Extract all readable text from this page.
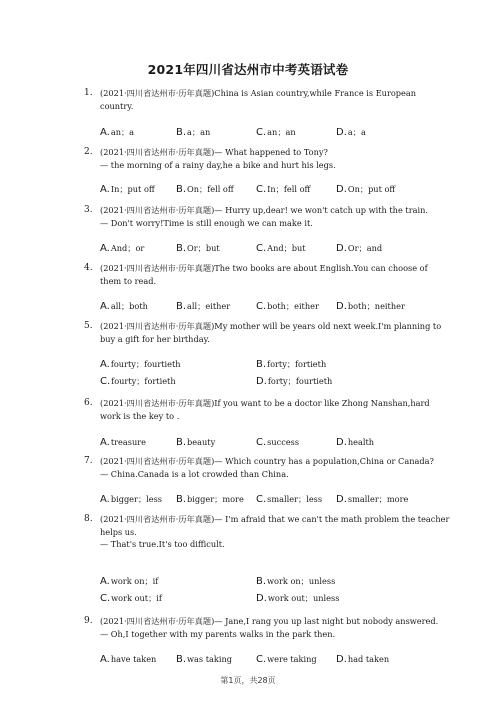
2021年四川省达州市中考英语试卷
1. (2021·四川省达州市·历年真题)China is Asian country,while France is European
country.
A.an；a	B.a；an	C.an；an	D.a；a
2. (2021·四川省达州市·历年真题)— What happened to Tony?
— the morning of a rainy day,he a bike and hurt his legs.
A.In；put off B.On；fell off C.In；fell off	D.On；put off
3. (2021·四川省达州市·历年真题)— Hurry up,dear! we won't catch up with the train.
— Don't worry!Time is still enough we can make it.
A.And；or	B.Or；but	C.And；but	D.Or；and
4. (2021·四川省达州市·历年真题)The two books are about English.You can choose of
them to read.
A.all；both	B.all；either	C.both；either D.both；neither
5. (2021·四川省达州市·历年真题)My mother will be years old next week.I'm planning to
buy a gift for her birthday.
A.fourty；fourtieth	B.forty；fortieth
C.fourty；fortieth	D.forty；fourtieth
6. (2021·四川省达州市·历年真题)If you want to be a doctor like Zhong Nanshan,hard
work is the key to .
A.treasure	B.beauty	C.success	D.health
7. (2021·四川省达州市·历年真题)— Which country has a population,China or Canada?
— China.Canada is a lot crowded than China.
A.bigger；less B.bigger；more C.smaller；less D.smaller；more
8. (2021·四川省达州市·历年真题)— I'm afraid that we can't the math problem the teacher
helps us.
— That's true.It's too difficult.
A.work on；if	B.work on；unless
C.work out；if	D.work out；unless
9. (2021·四川省达州市·历年真题)— Jane,I rang you up last night but nobody answered.
— Oh,I together with my parents walks in the park then.
A.have taken B.was taking C.were taking D.had taken
第1页，共28页
